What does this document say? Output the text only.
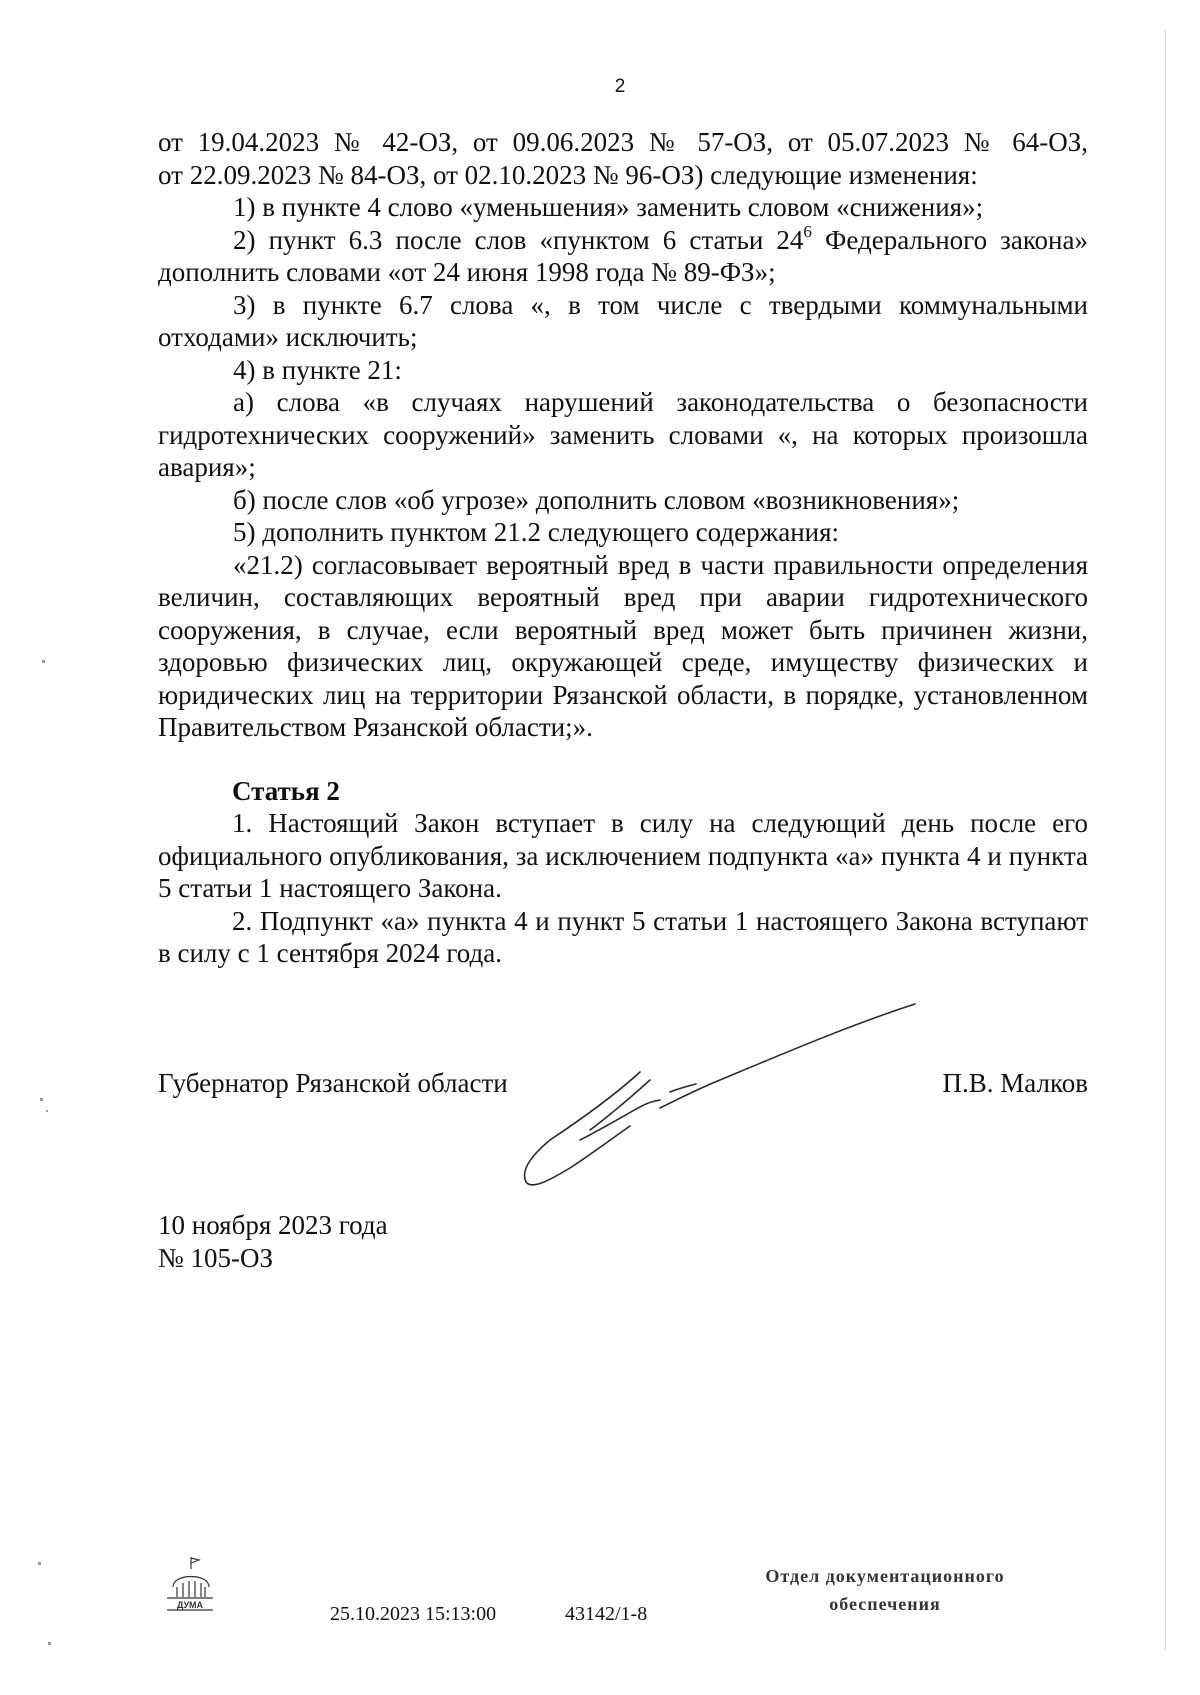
2

от 19.04.2023 № 42-ОЗ, от 09.06.2023 № 57-ОЗ, от 05.07.2023 № 64-ОЗ,

от 22.09.2023 № 84-ОЗ, от 02.10.2023 № 96-ОЗ) следующие изменения:

1) в пункте 4 слово «уменьшения» заменить словом «снижения»;

2) пункт 6.3 после слов «пунктом 6 статьи $24^6$ Федерального закона» дополнить словами «от 24 июня 1998 года № 89-ФЗ»;

3) в пункте 6.7 слова «, в том числе с твердыми коммунальными отходами» исключить;

4) в пункте 21:

а) слова «в случаях нарушений законодательства о безопасности гидротехнических сооружений» заменить словами «, на которых произошла авария»;

б) после слов «об угрозе» дополнить словом «возникновения»;

5) дополнить пунктом 21.2 следующего содержания:

«21.2) согласовывает вероятный вред в части правильности определения величин, составляющих вероятный вред при аварии гидротехнического сооружения, в случае, если вероятный вред может быть причинен жизни, здоровью физических лиц, окружающей среде, имуществу физических и юридических лиц на территории Рязанской области, в порядке, установленном Правительством Рязанской области;».

Статья 2

1. Настоящий Закон вступает в силу на следующий день после его официального опубликования, за исключением подпункта «а» пункта 4 и пункта 5 статьи 1 настоящего Закона.

2. Подпункт «а» пункта 4 и пункт 5 статьи 1 настоящего Закона вступают в силу с 1 сентября 2024 года.

Губернатор Рязанской области	П.В. Малков
10 ноября 2023 года
№ 105-ОЗ
ДУМА	25.10.2023 15:13:00	43142/1-8
Отдел документационного
обеспечения
